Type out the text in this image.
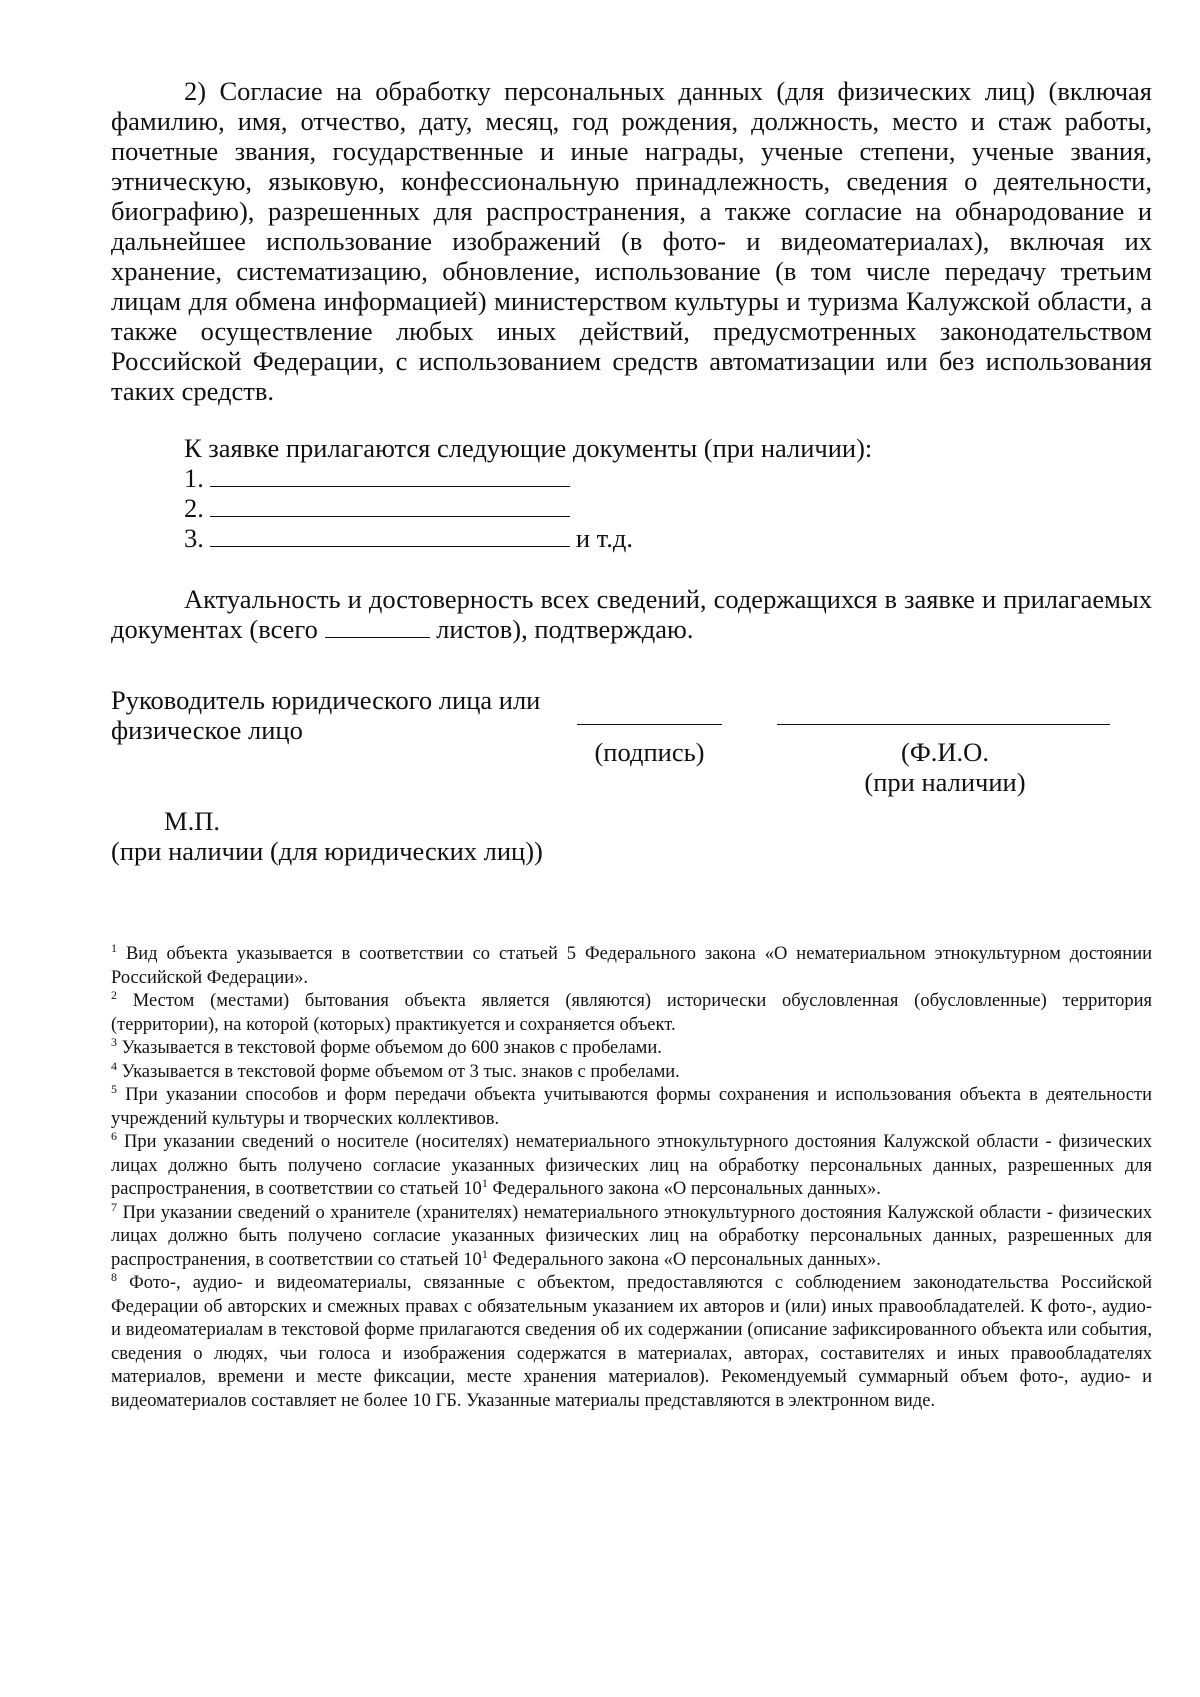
2) Согласие на обработку персональных данных (для физических лиц) (включая фамилию, имя, отчество, дату, месяц, год рождения, должность, место и стаж работы, почетные звания, государственные и иные награды, ученые степени, ученые звания, этническую, языковую, конфессиональную принадлежность, сведения о деятельности, биографию), разрешенных для распространения, а также согласие на обнародование и дальнейшее использование изображений (в фото- и видеоматериалах), включая их хранение, систематизацию, обновление, использование (в том числе передачу третьим лицам для обмена информацией) министерством культуры и туризма Калужской области, а также осуществление любых иных действий, предусмотренных законодательством Российской Федерации, с использованием средств автоматизации или без использования таких средств.

К заявке прилагаются следующие документы (при наличии):

1.
2.
3.	и т.д.

Актуальность и достоверность всех сведений, содержащихся в заявке и прилагаемых документах (всего	листов), подтверждаю.

Руководитель юридического лица или физическое лицо

(подпись)	(Ф.И.О.
(при наличии)
М.П.
(при наличии (для юридических лиц))
$^1$ Вид объекта указывается в соответствии со статьей 5 Федерального закона «О нематериальном этнокультурном достоянии Российской Федерации».
$^2$ Местом (местами) бытования объекта является (являются) исторически обусловленная (обусловленные) территория (территории), на которой (которых) практикуется и сохраняется объект.
$^3$ Указывается в текстовой форме объемом до 600 знаков с пробелами.
$^4$ Указывается в текстовой форме объемом от 3 тыс. знаков с пробелами.
$^5$ При указании способов и форм передачи объекта учитываются формы сохранения и использования объекта в деятельности учреждений культуры и творческих коллективов.
$^6$ При указании сведений о носителе (носителях) нематериального этнокультурного достояния Калужской области - физических лицах должно быть получено согласие указанных физических лиц на обработку персональных данных, разрешенных для распространения, в соответствии со статьей $10^1$ Федерального закона «О персональных данных».
$^7$ При указании сведений о хранителе (хранителях) нематериального этнокультурного достояния Калужской области - физических лицах должно быть получено согласие указанных физических лиц на обработку персональных данных, разрешенных для распространения, в соответствии со статьей $10^1$ Федерального закона «О персональных данных».
$^8$ Фото-, аудио- и видеоматериалы, связанные с объектом, предоставляются с соблюдением законодательства Российской Федерации об авторских и смежных правах с обязательным указанием их авторов и (или) иных правообладателей. К фото-, аудио- и видеоматериалам в текстовой форме прилагаются сведения об их содержании (описание зафиксированного объекта или события, сведения о людях, чьи голоса и изображения содержатся в материалах, авторах, составителях и иных правообладателях материалов, времени и месте фиксации, месте хранения материалов). Рекомендуемый суммарный объем фото-, аудио- и видеоматериалов составляет не более 10 ГБ. Указанные материалы представляются в электронном виде.
